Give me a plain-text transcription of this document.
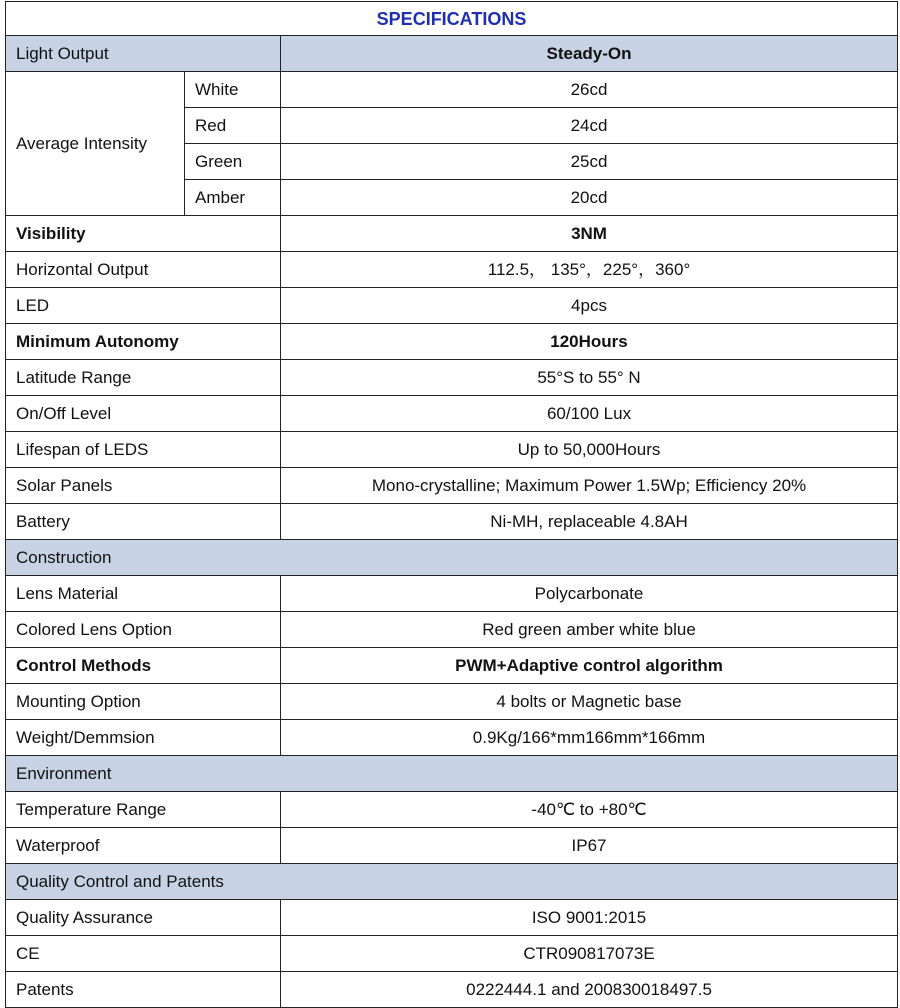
SPECIFICATIONS		
Light Output		Steady-On
Average Intensity	White	26cd
	Red	24cd
	Green	25cd
	Amber	20cd
Visibility		3NM
Horizontal Output		112.5， 135°，225°，360°
LED		4pcs
Minimum Autonomy		120Hours
Latitude Range		55°S to 55° N
On/Off Level		60/100 Lux
Lifespan of LEDS		Up to 50,000Hours
Solar Panels		Mono-crystalline; Maximum Power 1.5Wp; Efficiency 20%
Battery		Ni-MH, replaceable 4.8AH
Construction		
Lens Material		Polycarbonate
Colored Lens Option		Red green amber white blue
Control Methods		PWM+Adaptive control algorithm
Mounting Option		4 bolts or Magnetic base
Weight/Demmsion		0.9Kg/166*mm166mm*166mm
Environment		
Temperature Range		-40℃ to +80℃
Waterproof		IP67
Quality Control and Patents		
Quality Assurance		ISO 9001:2015
CE		CTR090817073E
Patents		0222444.1 and 200830018497.5
